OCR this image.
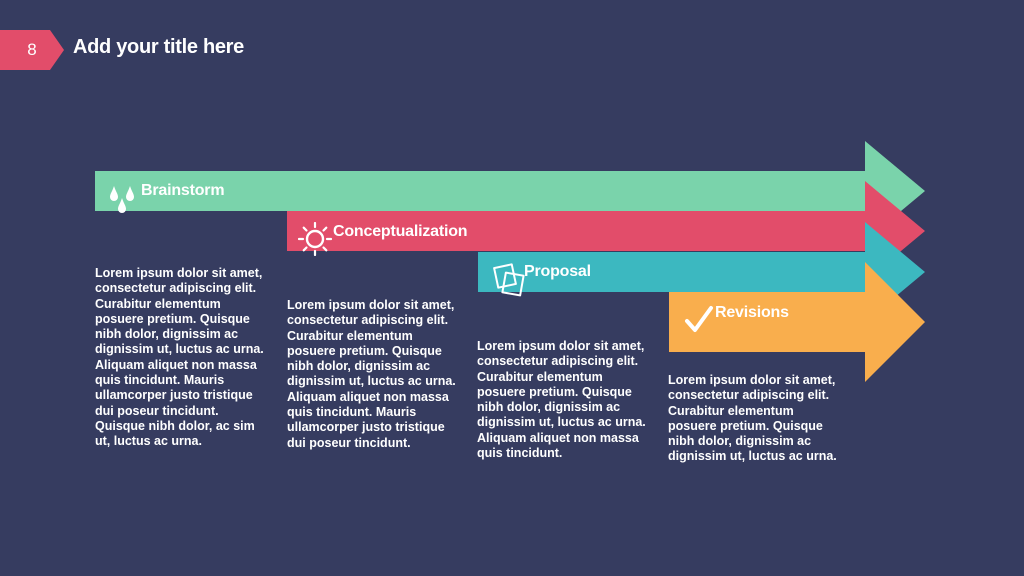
8 Add your title here
Brainstorm
Conceptualization
Proposal
Revisions
Lorem ipsum dolor sit amet, consectetur adipiscing elit. Curabitur elementum posuere pretium. Quisque nibh dolor, dignissim ac dignissim ut, luctus ac urna. Aliquam aliquet non massa quis tincidunt. Mauris ullamcorper justo tristique dui poseur tincidunt. Quisque nibh dolor, ac sim ut, luctus ac urna.
Lorem ipsum dolor sit amet, consectetur adipiscing elit. Curabitur elementum posuere pretium. Quisque nibh dolor, dignissim ac dignissim ut, luctus ac urna. Aliquam aliquet non massa quis tincidunt. Mauris ullamcorper justo tristique dui poseur tincidunt.
Lorem ipsum dolor sit amet, consectetur adipiscing elit. Curabitur elementum posuere pretium. Quisque nibh dolor, dignissim ac dignissim ut, luctus ac urna. Aliquam aliquet non massa quis tincidunt.
Lorem ipsum dolor sit amet, consectetur adipiscing elit. Curabitur elementum posuere pretium. Quisque nibh dolor, dignissim ac dignissim ut, luctus ac urna.
